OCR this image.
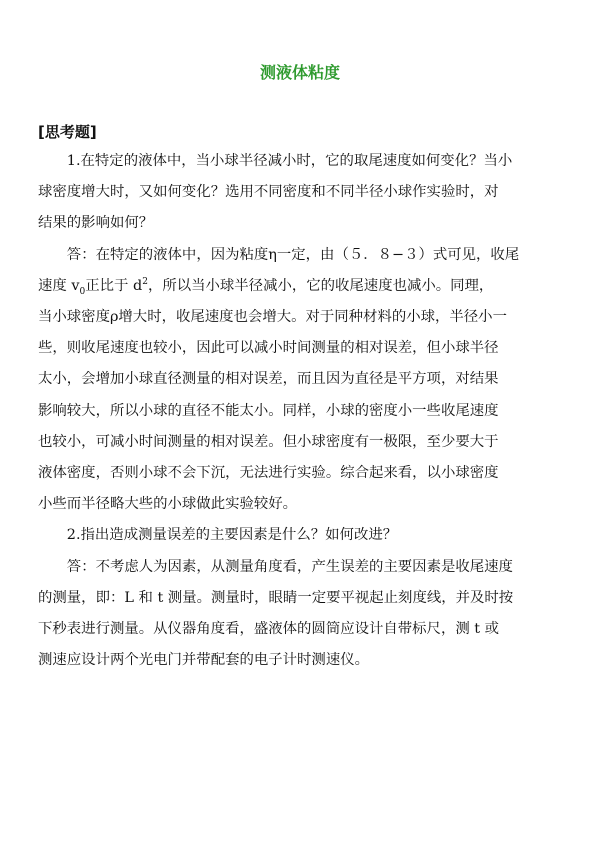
测液体粘度
[思考题]
1.在特定的液体中，当小球半径减小时，它的取尾速度如何变化？当小
球密度增大时，又如何变化？选用不同密度和不同半径小球作实验时，对
结果的影响如何？
答：在特定的液体中，因为粘度η一定，由（５．８−３）式可见，收尾
速度 $v_0$正比于 $d^2$，所以当小球半径减小，它的收尾速度也减小。同理，
当小球密度ρ增大时，收尾速度也会增大。对于同种材料的小球，半径小一
些，则收尾速度也较小，因此可以减小时间测量的相对误差，但小球半径
太小，会增加小球直径测量的相对误差，而且因为直径是平方项，对结果
影响较大，所以小球的直径不能太小。同样，小球的密度小一些收尾速度
也较小，可减小时间测量的相对误差。但小球密度有一极限，至少要大于
液体密度，否则小球不会下沉，无法进行实验。综合起来看，以小球密度
小些而半径略大些的小球做此实验较好。
2.指出造成测量误差的主要因素是什么？如何改进？
答：不考虑人为因素，从测量角度看，产生误差的主要因素是收尾速度
的测量，即：L 和 t 测量。测量时，眼睛一定要平视起止刻度线，并及时按
下秒表进行测量。从仪器角度看，盛液体的圆筒应设计自带标尺，测 t 或
测速应设计两个光电门并带配套的电子计时测速仪。
